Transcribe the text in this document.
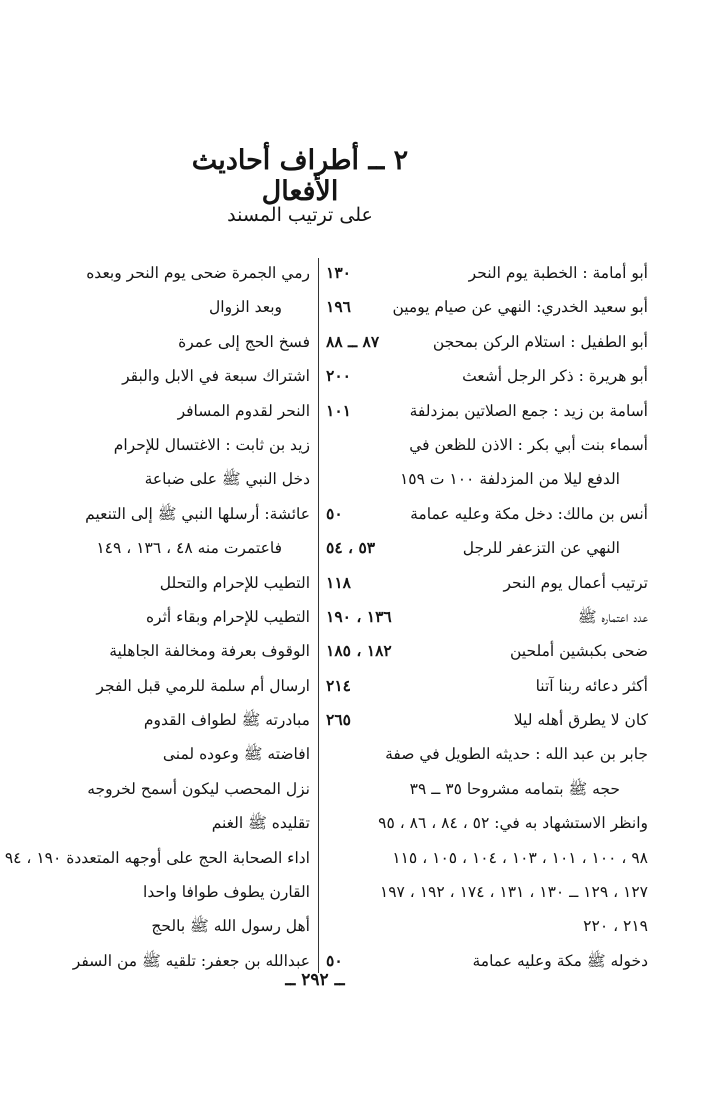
٢ ــ أطراف أحاديث الأفعال
على ترتيب المسند
أبو أمامة : الخطبة يوم النحر
١٣٠
أبو سعيد الخدري: النهي عن صيام يومين
١٩٦
أبو الطفيل : استلام الركن بمحجن
٨٧ ــ ٨٨
أبو هريرة : ذكر الرجل أشعث
٢٠٠
أسامة بن زيد : جمع الصلاتين بمزدلفة
١٠١
أسماء بنت أبي بكر : الاذن للظعن في
الدفع ليلا من المزدلفة ١٠٠ ت ١٥٩
أنس بن مالك: دخل مكة وعليه عمامة
٥٠
النهي عن التزعفر للرجل
٥٣ ، ٥٤
ترتيب أعمال يوم النحر
١١٨
عدد اعتماره ﷺ
١٣٦ ، ١٩٠
ضحى بكبشين أملحين
١٨٢ ، ١٨٥
أكثر دعائه ربنا آتنا
٢١٤
كان لا يطرق أهله ليلا
٢٦٥
جابر بن عبد الله : حديثه الطويل في صفة
حجه ﷺ بتمامه مشروحا ٣٥ ــ ٣٩
وانظر الاستشهاد به في: ٥٢ ، ٨٤ ، ٨٦ ، ٩٥
٩٨ ، ١٠٠ ، ١٠١ ، ١٠٣ ، ١٠٤ ، ١٠٥ ، ١١٥
١٢٧ ، ١٢٩ ــ ١٣٠ ، ١٣١ ، ١٧٤ ، ١٩٢ ، ١٩٧
٢١٩ ، ٢٢٠
دخوله ﷺ مكة وعليه عمامة
٥٠
رمي الجمرة ضحى يوم النحر وبعده
وبعد الزوال
فسخ الحج إلى عمرة
اشتراك سبعة في الابل والبقر
النحر لقدوم المسافر
زيد بن ثابت : الاغتسال للإحرام
دخل النبي ﷺ على ضباعة
عائشة: أرسلها النبي ﷺ إلى التنعيم
فاعتمرت منه ٤٨ ، ١٣٦ ، ١٤٩
التطيب للإحرام والتحلل
التطيب للإحرام وبقاء أثره
الوقوف بعرفة ومخالفة الجاهلية
ارسال أم سلمة للرمي قبل الفجر
مبادرته ﷺ لطواف القدوم
افاضته ﷺ وعوده لمنى
نزل المحصب ليكون أسمح لخروجه
تقليده ﷺ الغنم
اداء الصحابة الحج على أوجهه المتعددة ١٩٠ ، ٩٤
القارن يطوف طوافا واحدا
أهل رسول الله ﷺ بالحج
عبدالله بن جعفر: تلقيه ﷺ من السفر
ــ ٢٩٢ ــ
